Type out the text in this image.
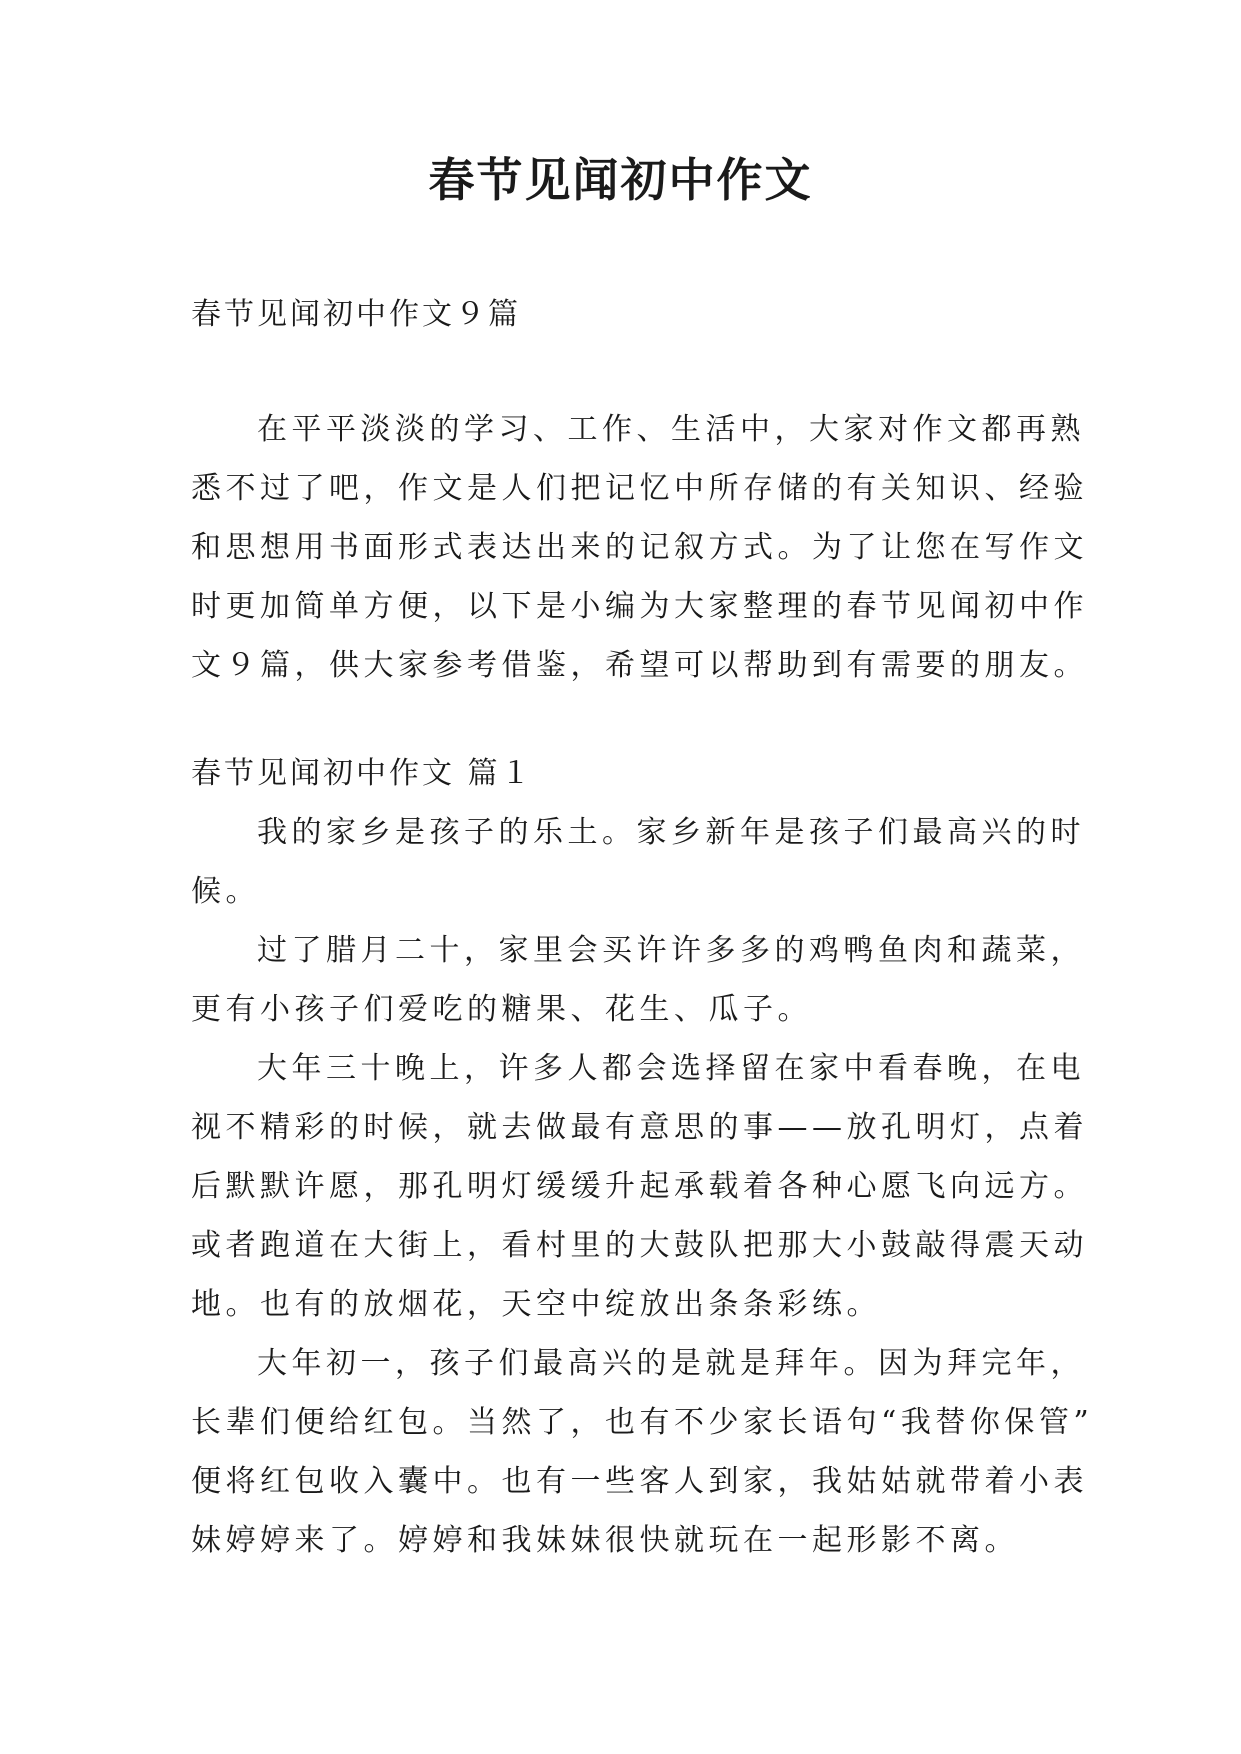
春节见闻初中作文

春节见闻初中作文９篇

在平平淡淡的学习、工作、生活中，大家对作文都再熟
悉不过了吧，作文是人们把记忆中所存储的有关知识、经验
和思想用书面形式表达出来的记叙方式。为了让您在写作文
时更加简单方便，以下是小编为大家整理的春节见闻初中作
文９篇，供大家参考借鉴，希望可以帮助到有需要的朋友。

春节见闻初中作文 篇１

我的家乡是孩子的乐土。家乡新年是孩子们最高兴的时
候。
过了腊月二十，家里会买许许多多的鸡鸭鱼肉和蔬菜，
更有小孩子们爱吃的糖果、花生、瓜子。
大年三十晚上，许多人都会选择留在家中看春晚，在电
视不精彩的时候，就去做最有意思的事——放孔明灯，点着
后默默许愿，那孔明灯缓缓升起承载着各种心愿飞向远方。
或者跑道在大街上，看村里的大鼓队把那大小鼓敲得震天动
地。也有的放烟花，天空中绽放出条条彩练。
大年初一，孩子们最高兴的是就是拜年。因为拜完年，
长辈们便给红包。当然了，也有不少家长语句“我替你保管”
便将红包收入囊中。也有一些客人到家，我姑姑就带着小表
妹婷婷来了。婷婷和我妹妹很快就玩在一起形影不离。
